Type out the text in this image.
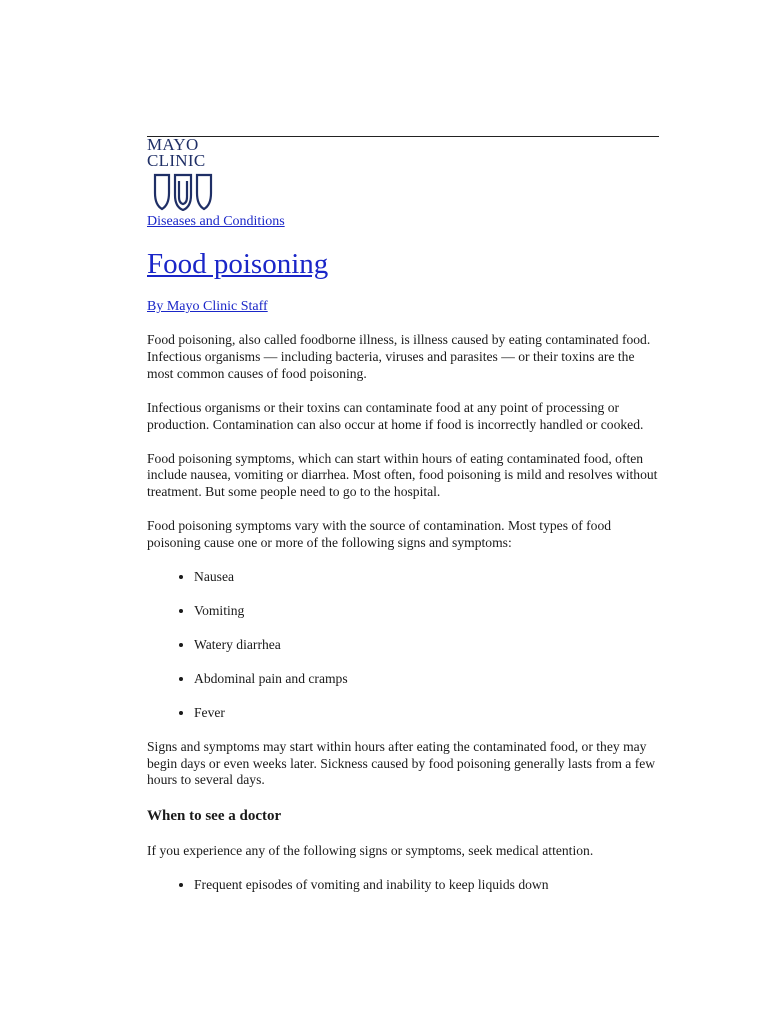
MAYO
CLINIC
Diseases and Conditions
Food poisoning
By Mayo Clinic Staff

Food poisoning, also called foodborne illness, is illness caused by eating contaminated food. Infectious organisms — including bacteria, viruses and parasites — or their toxins are the most common causes of food poisoning.

Infectious organisms or their toxins can contaminate food at any point of processing or production. Contamination can also occur at home if food is incorrectly handled or cooked.

Food poisoning symptoms, which can start within hours of eating contaminated food, often include nausea, vomiting or diarrhea. Most often, food poisoning is mild and resolves without treatment. But some people need to go to the hospital.

Food poisoning symptoms vary with the source of contamination. Most types of food poisoning cause one or more of the following signs and symptoms:

• Nausea
• Vomiting
• Watery diarrhea
• Abdominal pain and cramps
• Fever

Signs and symptoms may start within hours after eating the contaminated food, or they may begin days or even weeks later. Sickness caused by food poisoning generally lasts from a few hours to several days.

When to see a doctor

If you experience any of the following signs or symptoms, seek medical attention.

• Frequent episodes of vomiting and inability to keep liquids down
